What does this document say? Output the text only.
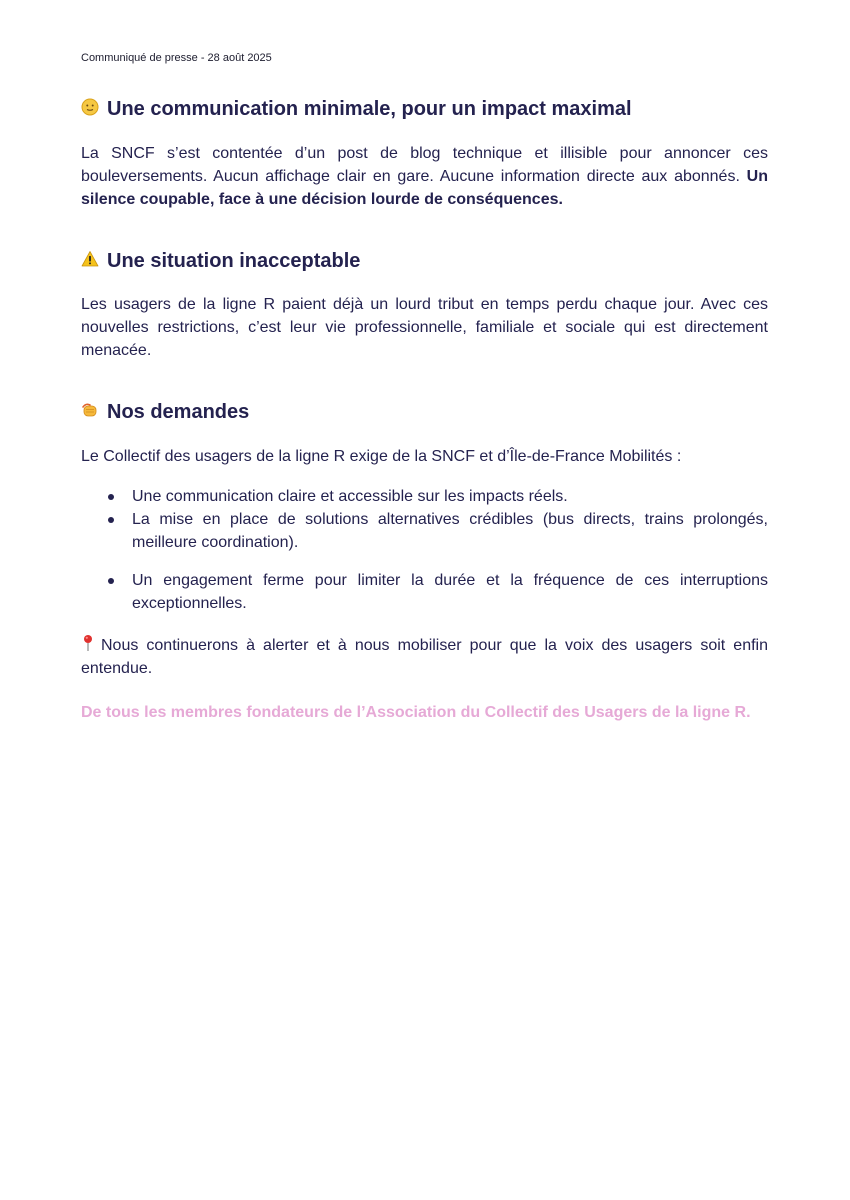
Communiqué de presse - 28 août 2025
Une communication minimale, pour un impact maximal
La SNCF s’est contentée d’un post de blog technique et illisible pour annoncer ces bouleversements. Aucun affichage clair en gare. Aucune information directe aux abonnés. Un silence coupable, face à une décision lourde de conséquences.
Une situation inacceptable
Les usagers de la ligne R paient déjà un lourd tribut en temps perdu chaque jour. Avec ces nouvelles restrictions, c’est leur vie professionnelle, familiale et sociale qui est directement menacée.
Nos demandes
Le Collectif des usagers de la ligne R exige de la SNCF et d’Île-de-France Mobilités :
Une communication claire et accessible sur les impacts réels.
La mise en place de solutions alternatives crédibles (bus directs, trains prolongés, meilleure coordination).
Un engagement ferme pour limiter la durée et la fréquence de ces interruptions exceptionnelles.
Nous continuerons à alerter et à nous mobiliser pour que la voix des usagers soit enfin entendue.
De tous les membres fondateurs de l’Association du Collectif des Usagers de la ligne R.
